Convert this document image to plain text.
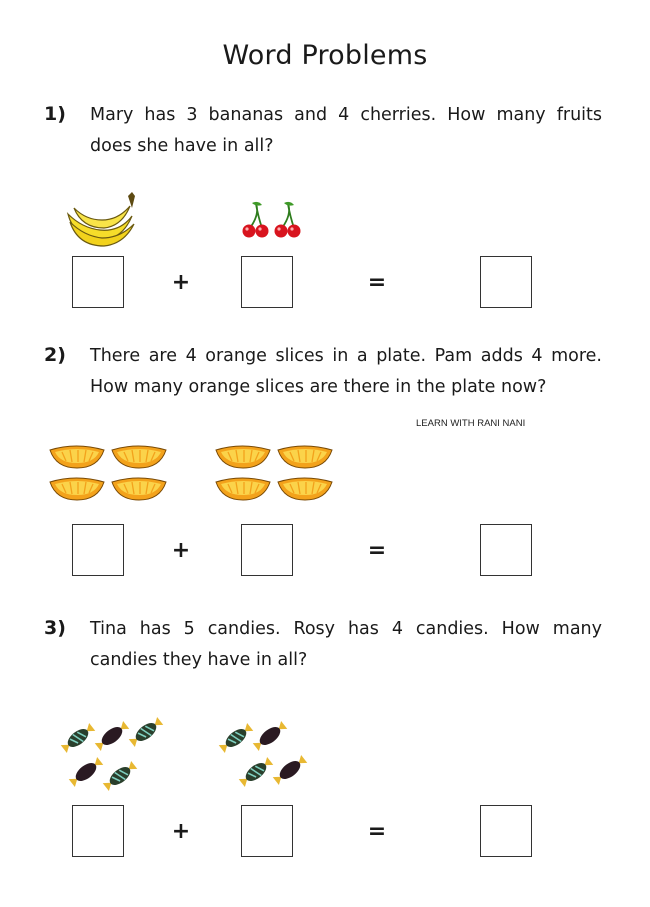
Word Problems
1) Mary has 3 bananas and 4 cherries. How many fruits
does she have in all?
+	=
2) There are 4 orange slices in a plate. Pam adds 4 more.
How many orange slices are there in the plate now?
LEARN WITH RANI NANI
+	=
3) Tina has 5 candies. Rosy has 4 candies. How many
candies they have in all?
+	=
